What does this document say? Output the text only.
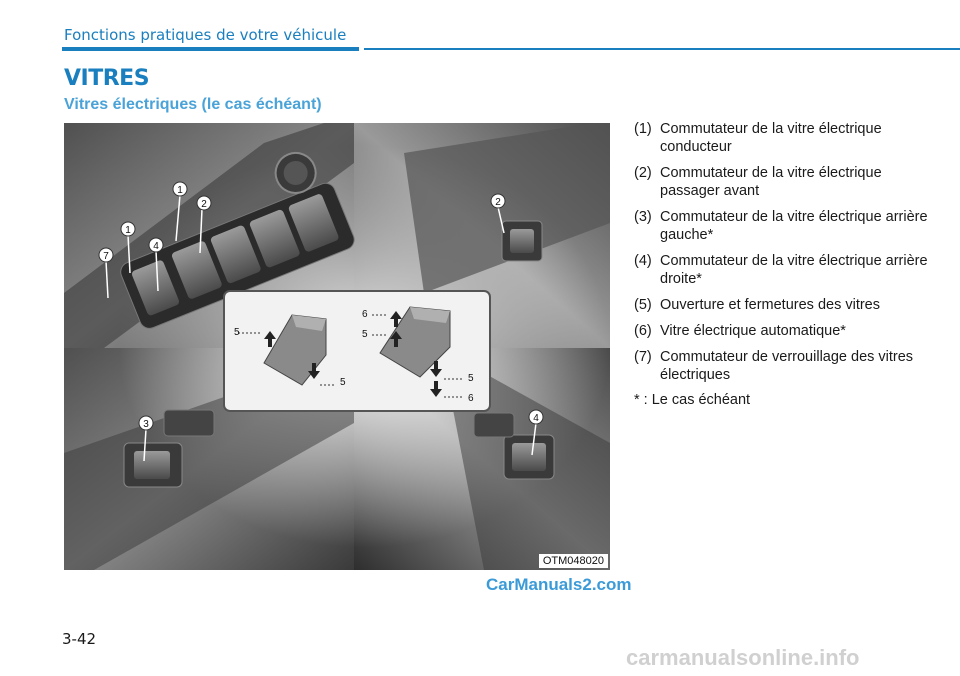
Fonctions pratiques de votre véhicule
VITRES
Vitres électriques (le cas échéant)
1
2
1
4
7
2
3
4
5
5
6
5
5
6
OTM048020
CarManuals2.com
(1) Commutateur de la vitre électrique conducteur
(2) Commutateur de la vitre électrique passager avant
(3) Commutateur de la vitre électrique arrière gauche*
(4) Commutateur de la vitre électrique arrière droite*
(5) Ouverture et fermetures des vitres
(6) Vitre électrique automatique*
(7) Commutateur de verrouillage des vitres électriques
* : Le cas échéant
3-42
carmanualsonline.info
